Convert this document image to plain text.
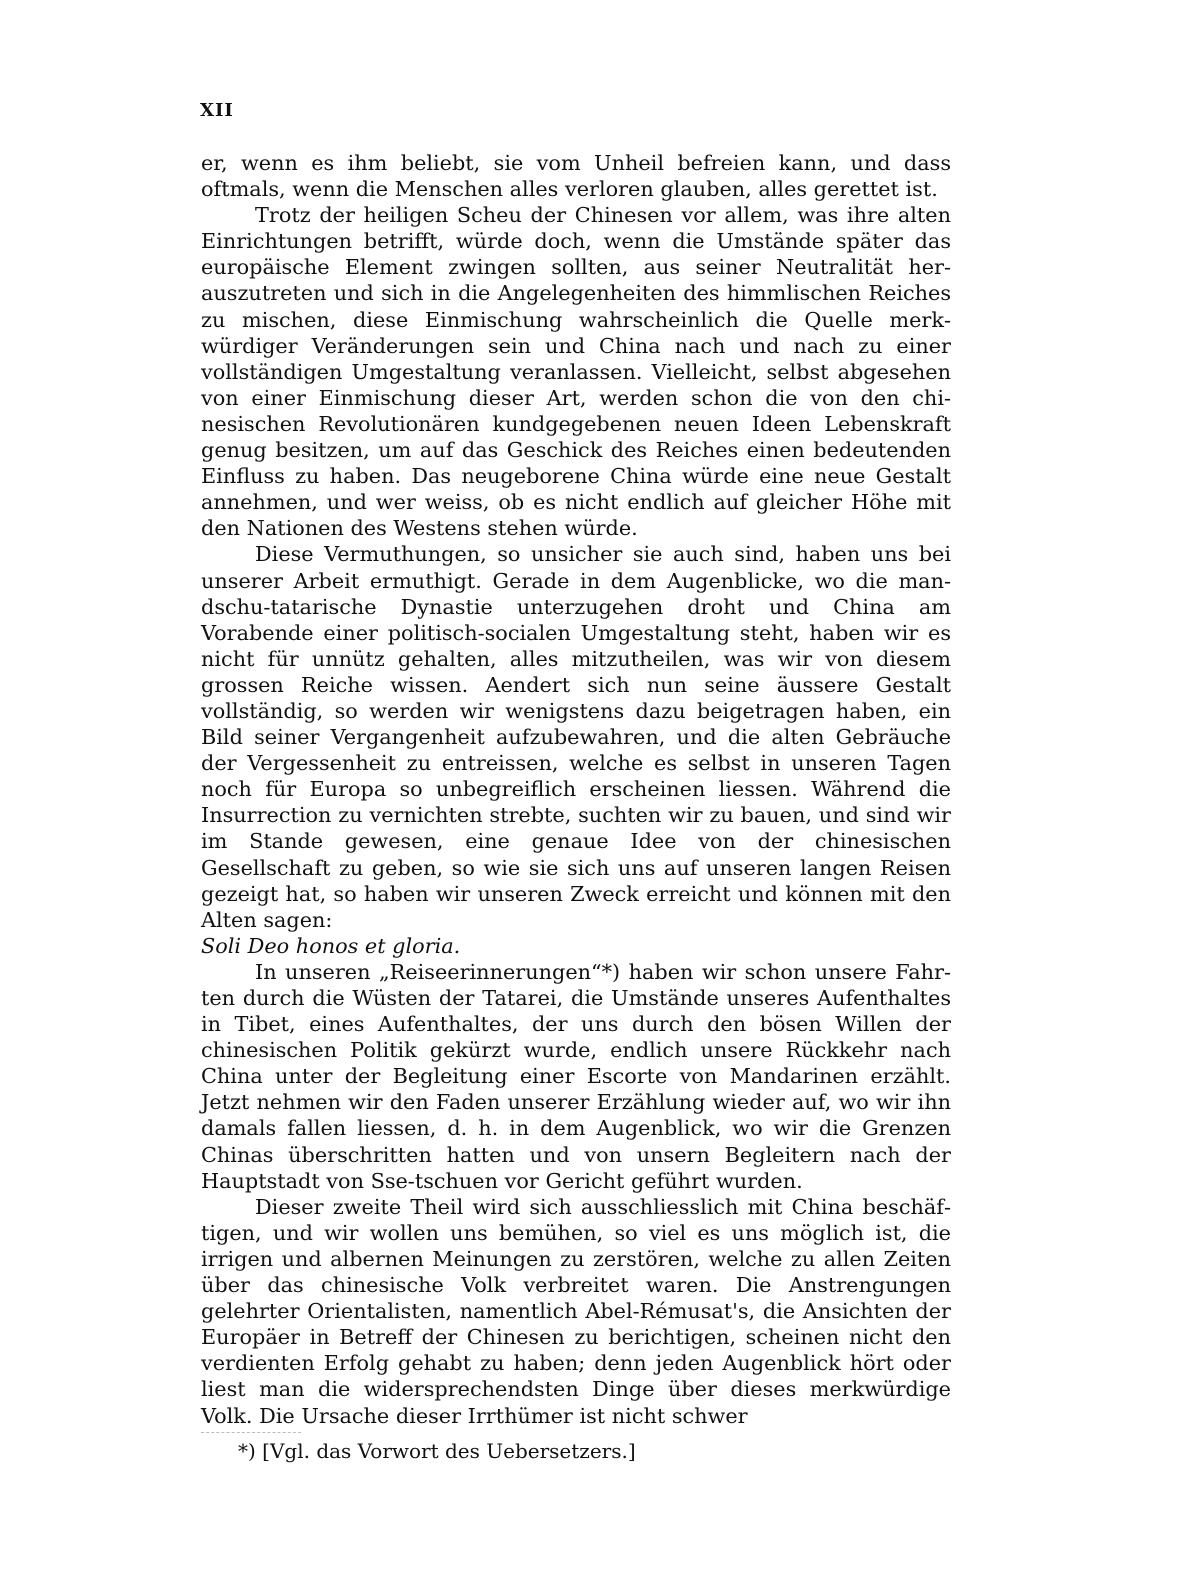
XII

er, wenn es ihm beliebt, sie vom Unheil befreien kann, und dass oftmals, wenn die Menschen alles verloren glauben, alles gerettet ist.

Trotz der heiligen Scheu der Chinesen vor allem, was ihre alten Einrichtungen betrifft, würde doch, wenn die Umstände später das europäische Element zwingen sollten, aus seiner Neutralität herauszutreten und sich in die Angelegenheiten des himmlischen Reiches zu mischen, diese Einmischung wahrscheinlich die Quelle merkwürdiger Veränderungen sein und China nach und nach zu einer vollständigen Umgestaltung veranlassen. Vielleicht, selbst abgesehen von einer Einmischung dieser Art, werden schon die von den chinesischen Revolutionären kundgegebenen neuen Ideen Lebenskraft genug besitzen, um auf das Geschick des Reiches einen bedeutenden Einfluss zu haben. Das neugeborene China würde eine neue Gestalt annehmen, und wer weiss, ob es nicht endlich auf gleicher Höhe mit den Nationen des Westens stehen würde.

Diese Vermuthungen, so unsicher sie auch sind, haben uns bei unserer Arbeit ermuthigt. Gerade in dem Augenblicke, wo die mandschu-tatarische Dynastie unterzugehen droht und China am Vorabende einer politisch-socialen Umgestaltung steht, haben wir es nicht für unnütz gehalten, alles mitzutheilen, was wir von diesem grossen Reiche wissen. Aendert sich nun seine äussere Gestalt vollständig, so werden wir wenigstens dazu beigetragen haben, ein Bild seiner Vergangenheit aufzubewahren, und die alten Gebräuche der Vergessenheit zu entreissen, welche es selbst in unseren Tagen noch für Europa so unbegreiflich erscheinen liessen. Während die Insurrection zu vernichten strebte, suchten wir zu bauen, und sind wir im Stande gewesen, eine genaue Idee von der chinesischen Gesellschaft zu geben, so wie sie sich uns auf unseren langen Reisen gezeigt hat, so haben wir unseren Zweck erreicht und können mit den Alten sagen:
Soli Deo honos et gloria.

In unseren „Reiseerinnerungen“*) haben wir schon unsere Fahrten durch die Wüsten der Tatarei, die Umstände unseres Aufenthaltes in Tibet, eines Aufenthaltes, der uns durch den bösen Willen der chinesischen Politik gekürzt wurde, endlich unsere Rückkehr nach China unter der Begleitung einer Escorte von Mandarinen erzählt. Jetzt nehmen wir den Faden unserer Erzählung wieder auf, wo wir ihn damals fallen liessen, d. h. in dem Augenblick, wo wir die Grenzen Chinas überschritten hatten und von unsern Begleitern nach der Hauptstadt von Sse-tschuen vor Gericht geführt wurden.

Dieser zweite Theil wird sich ausschliesslich mit China beschäftigen, und wir wollen uns bemühen, so viel es uns möglich ist, die irrigen und albernen Meinungen zu zerstören, welche zu allen Zeiten über das chinesische Volk verbreitet waren. Die Anstrengungen gelehrter Orientalisten, namentlich Abel-Rémusat's, die Ansichten der Europäer in Betreff der Chinesen zu berichtigen, scheinen nicht den verdienten Erfolg gehabt zu haben; denn jeden Augenblick hört oder liest man die widersprechendsten Dinge über dieses merkwürdige Volk. Die Ursache dieser Irrthümer ist nicht schwer

*) [Vgl. das Vorwort des Uebersetzers.]
